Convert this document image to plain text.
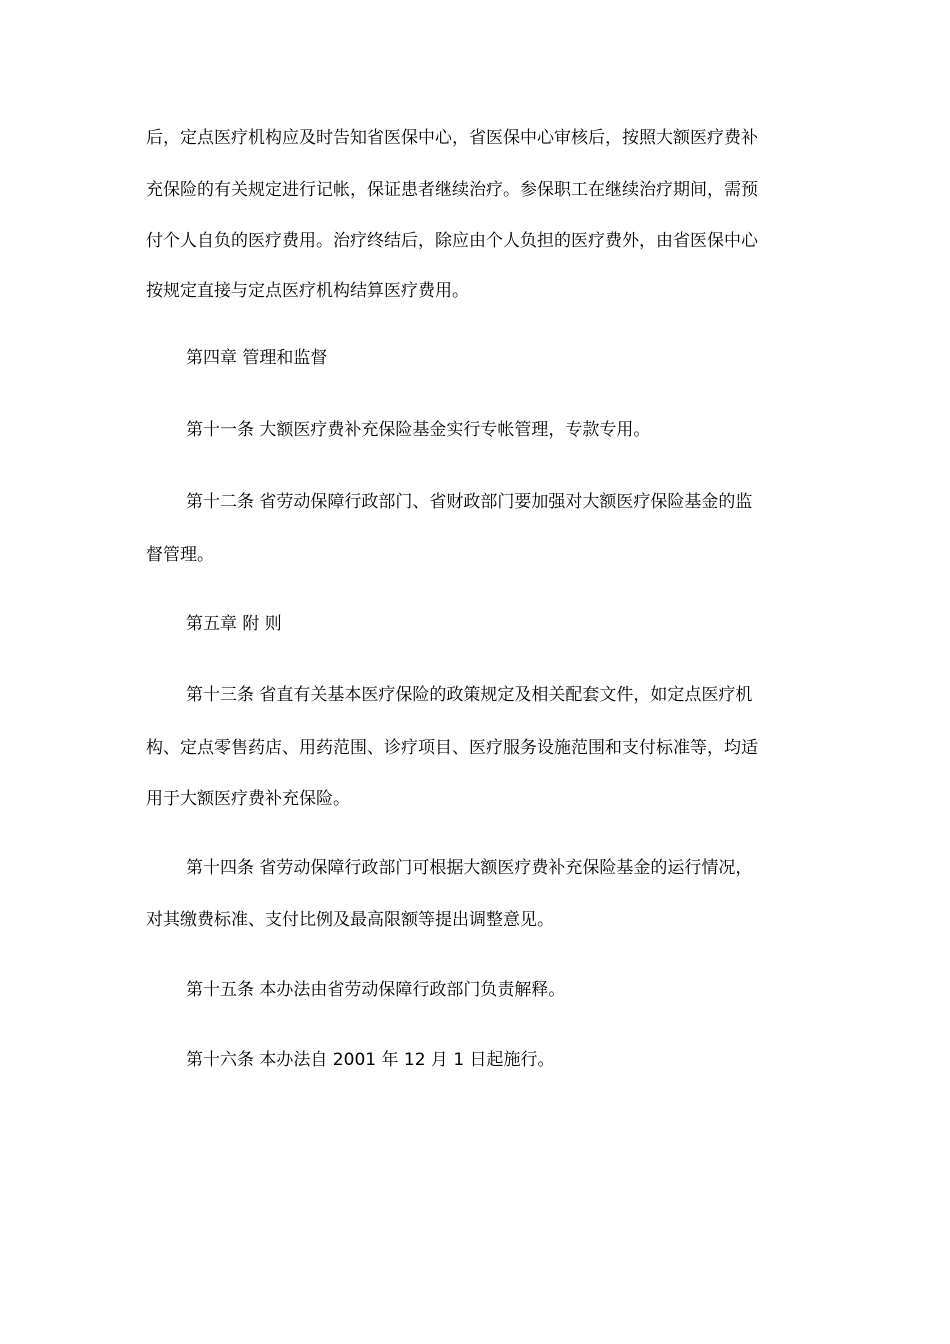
后，定点医疗机构应及时告知省医保中心，省医保中心审核后，按照大额医疗费补
充保险的有关规定进行记帐，保证患者继续治疗。参保职工在继续治疗期间，需预
付个人自负的医疗费用。治疗终结后，除应由个人负担的医疗费外，由省医保中心
按规定直接与定点医疗机构结算医疗费用。
第四章 管理和监督
第十一条 大额医疗费补充保险基金实行专帐管理，专款专用。
第十二条 省劳动保障行政部门、省财政部门要加强对大额医疗保险基金的监
督管理。
第五章 附 则
第十三条 省直有关基本医疗保险的政策规定及相关配套文件，如定点医疗机
构、定点零售药店、用药范围、诊疗项目、医疗服务设施范围和支付标准等，均适
用于大额医疗费补充保险。
第十四条 省劳动保障行政部门可根据大额医疗费补充保险基金的运行情况，
对其缴费标准、支付比例及最高限额等提出调整意见。
第十五条 本办法由省劳动保障行政部门负责解释。
第十六条 本办法自 2001 年 12 月 1 日起施行。
